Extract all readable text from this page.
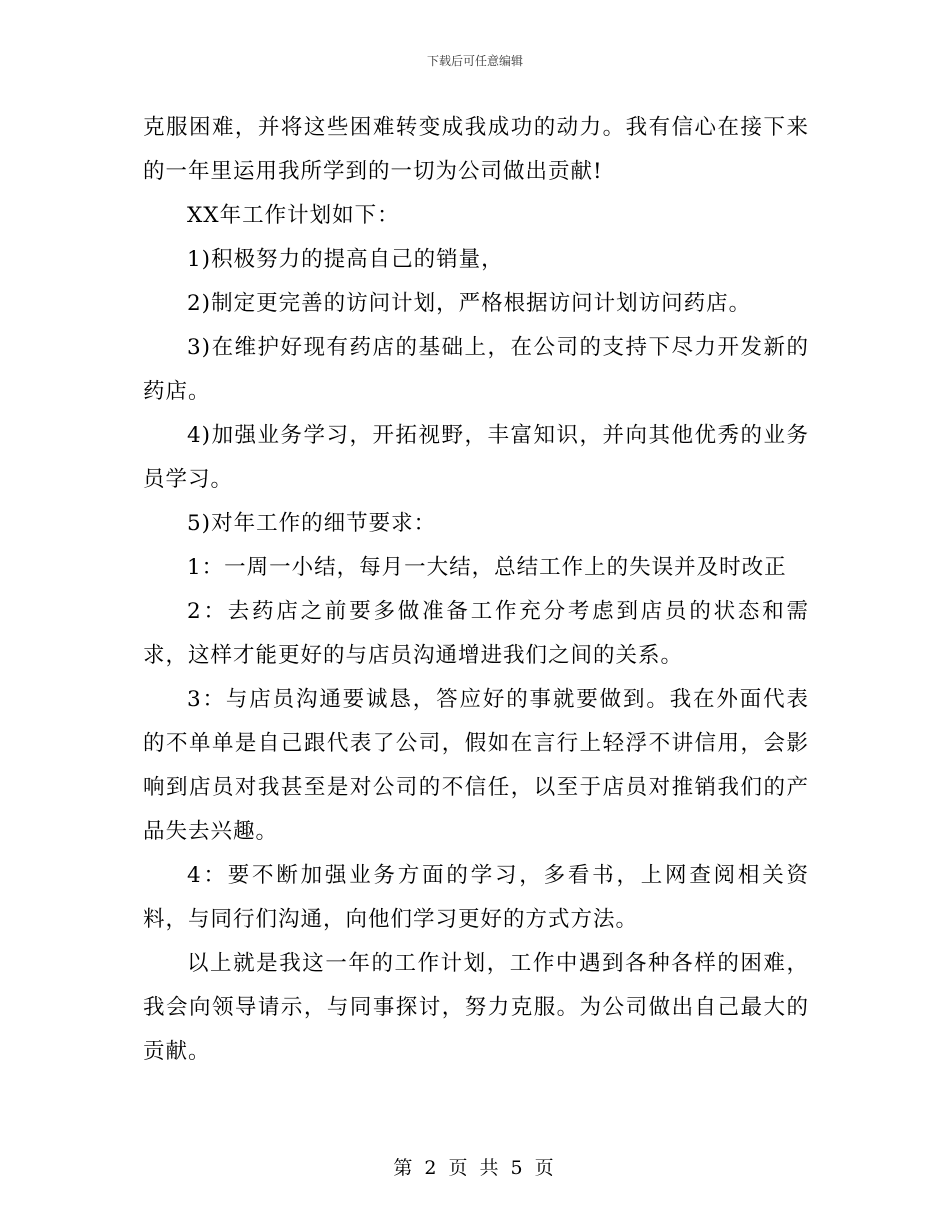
下载后可任意编辑

克服困难，并将这些困难转变成我成功的动力。我有信心在接下来的一年里运用我所学到的一切为公司做出贡献!

XX年工作计划如下：

1)积极努力的提高自己的销量，

2)制定更完善的访问计划，严格根据访问计划访问药店。

3)在维护好现有药店的基础上，在公司的支持下尽力开发新的药店。

4)加强业务学习，开拓视野，丰富知识，并向其他优秀的业务员学习。

5)对年工作的细节要求：

1：一周一小结，每月一大结，总结工作上的失误并及时改正

2：去药店之前要多做准备工作充分考虑到店员的状态和需求，这样才能更好的与店员沟通增进我们之间的关系。

3：与店员沟通要诚恳，答应好的事就要做到。我在外面代表的不单单是自己跟代表了公司，假如在言行上轻浮不讲信用，会影响到店员对我甚至是对公司的不信任，以至于店员对推销我们的产品失去兴趣。

4：要不断加强业务方面的学习，多看书，上网查阅相关资料，与同行们沟通，向他们学习更好的方式方法。

以上就是我这一年的工作计划，工作中遇到各种各样的困难，我会向领导请示，与同事探讨，努力克服。为公司做出自己最大的贡献。

第 2 页 共 5 页
